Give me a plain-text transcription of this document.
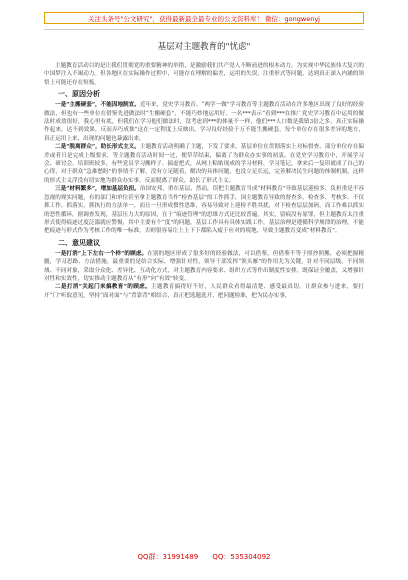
关注头条号"公文研究"，获得最新最全最专业的公文资料库！ 微信：gongwenyj
基层对主题教育的"忧虑"
主题教育活动目的是让我们贯彻党的重要精神的举措，是激励我们共产党人不断前进的根本动力，为实现中华民族伟大复兴的中国梦注入不竭动力。但各地区在实际操作过程中，可能存在理解的偏差，运用的失误，注重形式等问题，达到真正深入内涵的领悟上可能还存在短板。
一、原因分析
一是“主搬硬套”，不能因地制宜。近年来，党史学习教育、“两学一做”学习教育等主题教育活动在许多地区出现了良好的经验做法，但也有一些单位在借鉴先进做法时“生搬硬套”，不能巧妙地运用好。一名***表示“看到***在推广党史学习教育中运用的做法时成效很好，我心里有底，但我们在学习他们做法时，没考虑到***的体量不一样，他们***人口数是我镇3倍之多，真正实际操作起来，达不到效果，反而弄巧成拙”这在一定程度上反映出，学习良好经验千万不能生搬硬套，每个单位存在很多差异的地方，真正运用上来，出现的问题也暴露出来。
二是“脱离群众”，助长形式主义。主题教育活动明确了主题，下发了要求，基层单位在贯彻落实上对标督查、部分单位存在偏差或者只是完成上级要求，等主题教育活动时间一过，便草草结束，偏离了为群众办实事的初衷，在党史学习教育中，开展学习会、研讨会、培训班较多，有些党员学习搬样子、搞虚把式，从网上粘贴现成的学习材料，学习笔记，拿来后一复印就成了自己的心得，对于群众“急难愁盼”的事情不了解，没有立足随着，解决的具体问题，也没立足长远，完善解决民生问题的体制机制，这样的形式主义浮没有切实地为群众办实事，反而脱离了群众，助长了形式主义。
三是“材料繁多”，增加基层负担。治国安邦，重在基层，然而，误把主题教育当成“材料教育”导致基层迎检多、负担重是不容忽视的现实问题，有的部门和单位甚至拿主题教育当作“检查基层”的工作抓手，国主题教育导致的督查多、检查多、考核多、不仅抓工作、抓落实、抓执行的方法单一，而且一旦形成惯性思维，容易导致对上迎检不胜其扰，对下检查层层加码，而工作难以抓实的恶性循环，据调查发现，基层压力大的原因，在于“痕迹管理”的思维方式还比较普遍。其实，留痕没有原罪，但主题教育太注重形式使得痕迹过度泛滥就应警惕，其中主要有个“度”的问题，基层工作具有具体实践工作，基层治理是遵循科学规律的治理，不能把痕迹与形式作为考核工作的唯一标准，否则很容易让上上下下都陷入疲于应对的境地，导致主题教育变成“材料教育”。
二、意见建议
一是打消“上下左右一个样”的顾虑。在别的地区形成了很多好的经验做法，可以借鉴，但借鉴不等于照抄照搬，必须把握精髓，学习思路、方法措施，最重要的是结合实际，增强针对性，领导干部发挥“领头雁”的作用尤为关键，针对不同层级、不同领域、不同对象，采取分众化、差异化、互动化方式，对主题教育内容要求、组织方式等作出制度性安排，既保证全覆盖，又增强针对性和实效性，切实推动主题教育从“有形”向“有效”转变。
二是打消“关起门来搞教育”的顾虑。主题教育搞得好不好，人民群众看得最清楚、感受最真切。让群众参与进来，要打开“门”听取意见，坚持“面对面”与“背靠背”相结合，真正把选题选开、把问题检准，把为民办实事，
QQ群：31991489 QQ：535304092
